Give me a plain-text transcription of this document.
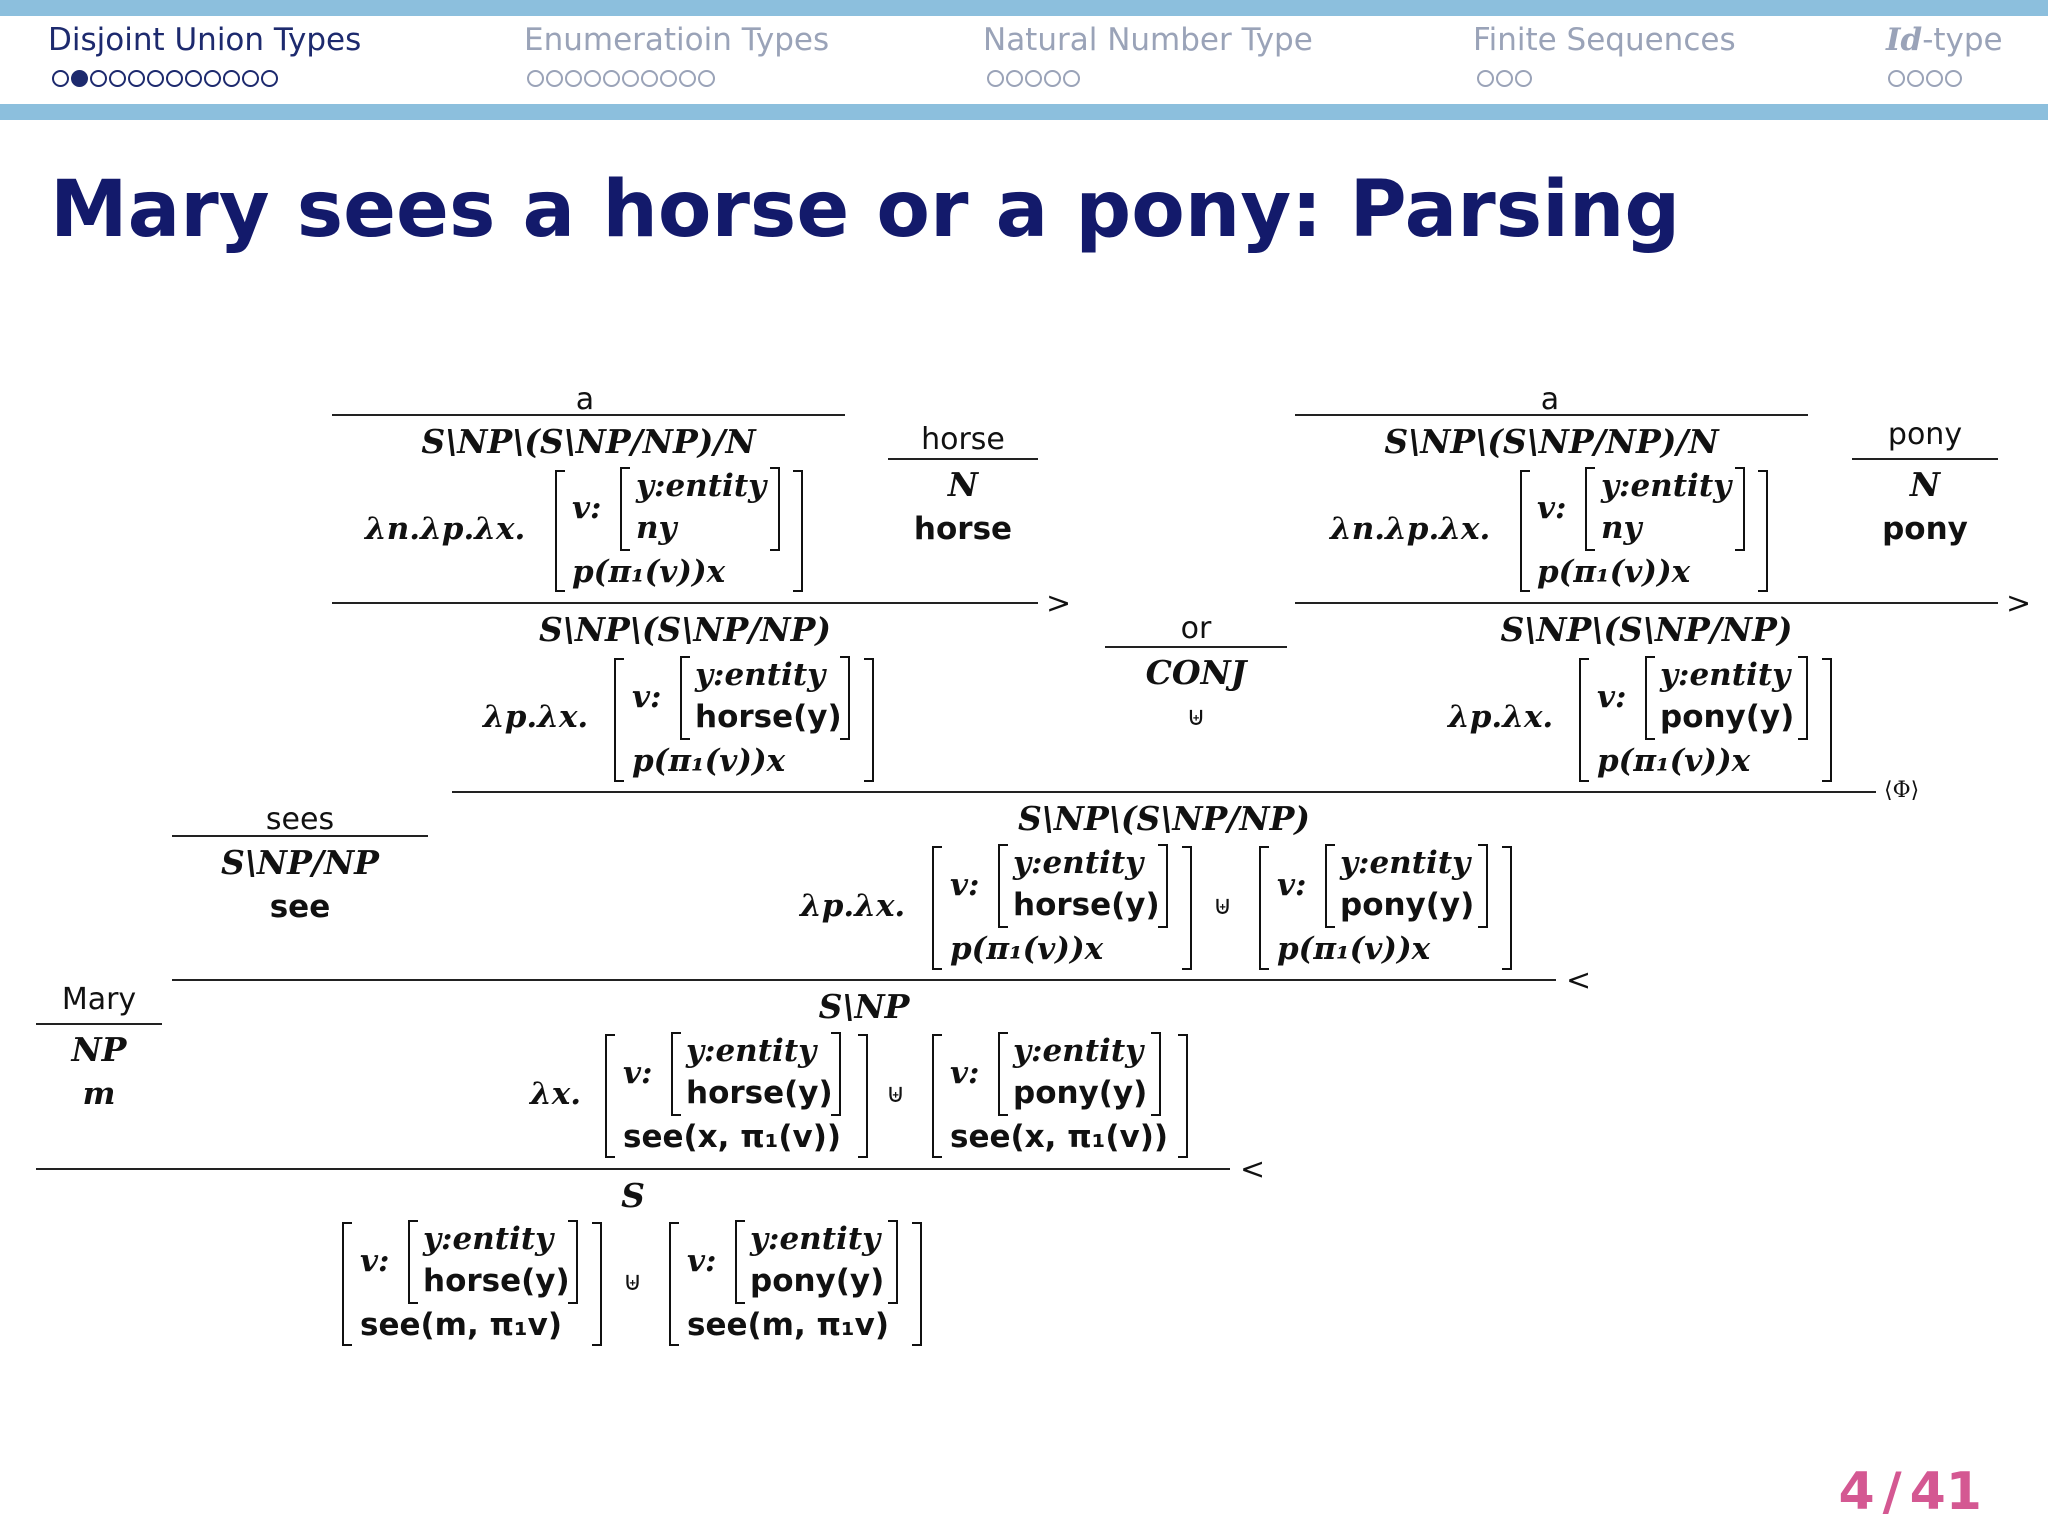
Disjoint Union Types	Enumeratioin Types	Natural Number Type	Finite Sequences	Id-type
Mary sees a horse or a pony: Parsing
a
S\NP\(S\NP/NP)/N
λn.λp.λx.
v:
y:entity
ny
p(π₁(v))x
horse
N
horse
a
S\NP\(S\NP/NP)/N
λn.λp.λx.
v:
y:entity
ny
p(π₁(v))x
pony
N
pony
>	>
S\NP\(S\NP/NP)
λp.λx.
v:
y:entity
horse(y)
p(π₁(v))x
or
CONJ
⊎
S\NP\(S\NP/NP)
λp.λx.
v:
y:entity
pony(y)
p(π₁(v))x
⟨Φ⟩
sees
S\NP/NP
see
S\NP\(S\NP/NP)
λp.λx.
v:
y:entity
horse(y)
p(π₁(v))x
⊎
v:
y:entity
pony(y)
p(π₁(v))x
<
Mary
NP
m
S\NP
λx.
v:
y:entity
horse(y)
see(x, π₁(v))
⊎
v:
y:entity
pony(y)
see(x, π₁(v))
<
S
v:
y:entity
horse(y)
see(m, π₁v)
⊎
v:
y:entity
pony(y)
see(m, π₁v)
4 / 41
